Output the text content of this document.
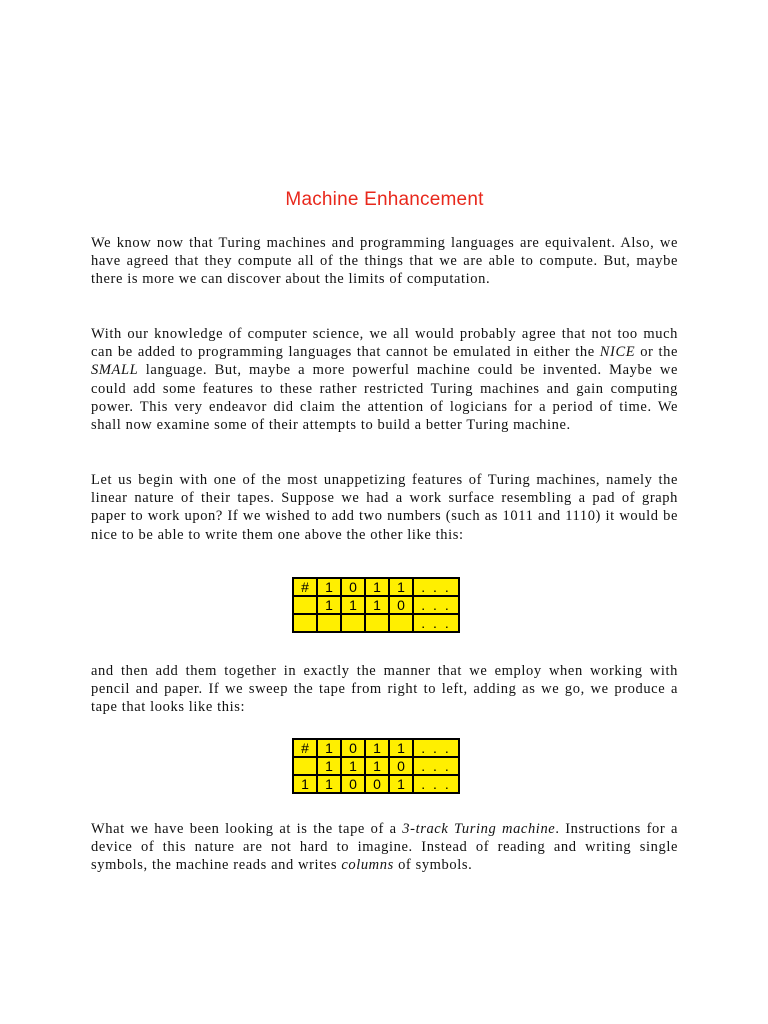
Machine Enhancement

We know now that Turing machines and programming languages are equivalent. Also, we have agreed that they compute all of the things that we are able to compute. But, maybe there is more we can discover about the limits of computation.

With our knowledge of computer science, we all would probably agree that not too much can be added to programming languages that cannot be emulated in either the NICE or the SMALL language. But, maybe a more powerful machine could be invented. Maybe we could add some features to these rather restricted Turing machines and gain computing power. This very endeavor did claim the attention of logicians for a period of time. We shall now examine some of their attempts to build a better Turing machine.

Let us begin with one of the most unappetizing features of Turing machines, namely the linear nature of their tapes. Suppose we had a work surface resembling a pad of graph paper to work upon? If we wished to add two numbers (such as 1011 and 1110) it would be nice to be able to write them one above the other like this:

#	1	0	1	1	. . .
	1	1	1	0	. . .
					. . .

and then add them together in exactly the manner that we employ when working with pencil and paper. If we sweep the tape from right to left, adding as we go, we produce a tape that looks like this:

#	1	0	1	1	. . .
	1	1	1	0	. . .
1	1	0	0	1	. . .

What we have been looking at is the tape of a 3-track Turing machine. Instructions for a device of this nature are not hard to imagine. Instead of reading and writing single symbols, the machine reads and writes columns of symbols.
